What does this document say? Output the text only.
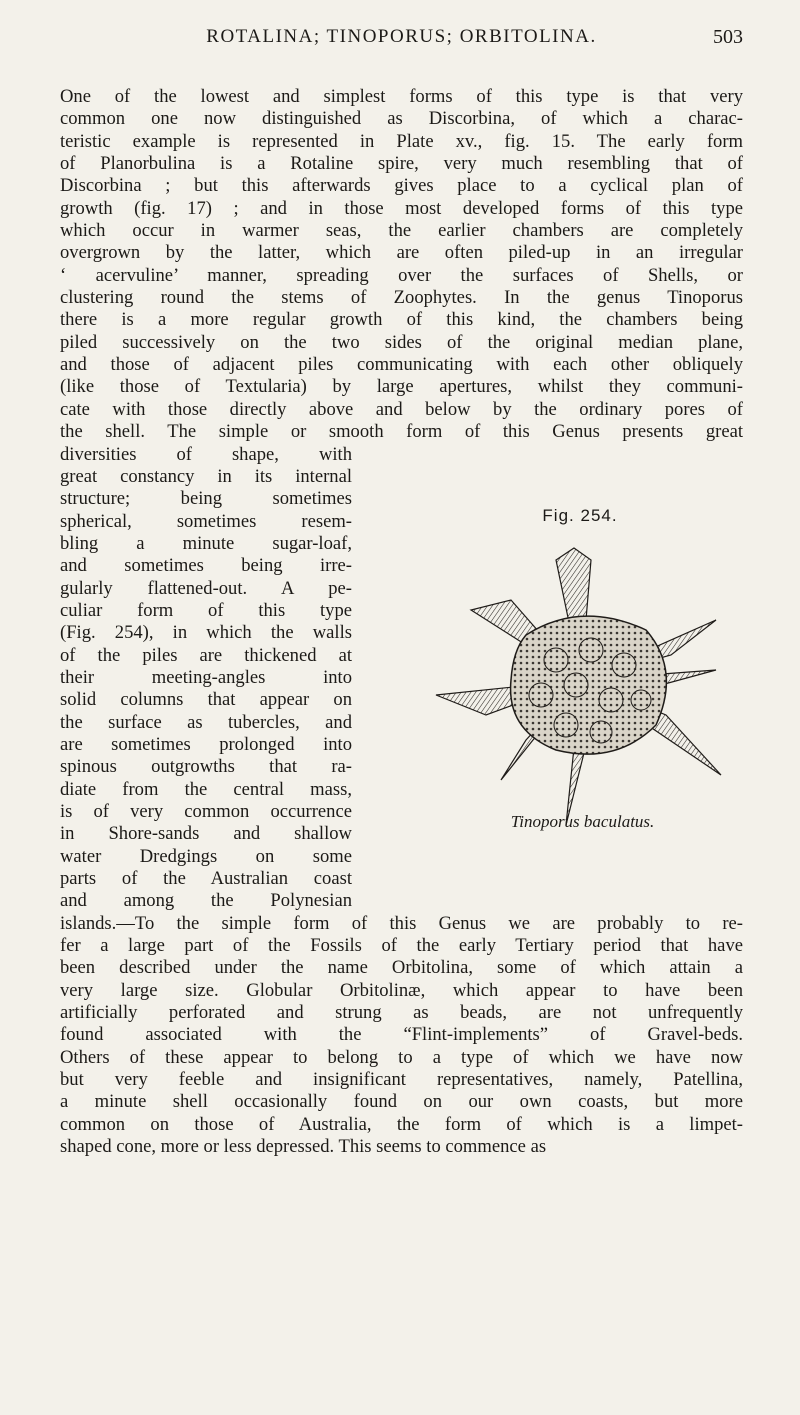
ROTALINA; TINOPORUS; ORBITOLINA.	503
One of the lowest and simplest forms of this type is that very
common one now distinguished as Discorbina, of which a charac-
teristic example is represented in Plate xv., fig. 15. The early form
of Planorbulina is a Rotaline spire, very much resembling that of
Discorbina ; but this afterwards gives place to a cyclical plan of
growth (fig. 17) ; and in those most developed forms of this type
which occur in warmer seas, the earlier chambers are completely
overgrown by the latter, which are often piled-up in an irregular
‘ acervuline’ manner, spreading over the surfaces of Shells, or
clustering round the stems of Zoophytes. In the genus Tinoporus
there is a more regular growth of this kind, the chambers being
piled successively on the two sides of the original median plane,
and those of adjacent piles communicating with each other obliquely
(like those of Textularia) by large apertures, whilst they communi-
cate with those directly above and below by the ordinary pores of
the shell. The simple or smooth form of this Genus presents great
diversities of shape, with
great constancy in its internal
structure; being sometimes
spherical, sometimes resem-
bling a minute sugar-loaf,
and sometimes being irre-
gularly flattened-out. A pe-
culiar form of this type
(Fig. 254), in which the walls
of the piles are thickened at
their meeting-angles into
solid columns that appear on
the surface as tubercles, and
are sometimes prolonged into
spinous outgrowths that ra-
diate from the central mass,
is of very common occurrence
in Shore-sands and shallow
water Dredgings on some
parts of the Australian coast
and among the Polynesian
islands.—To the simple form of this Genus we are probably to re-
fer a large part of the Fossils of the early Tertiary period that have
been described under the name Orbitolina, some of which attain a
very large size. Globular Orbitolinæ, which appear to have been
artificially perforated and strung as beads, are not unfrequently
found associated with the “Flint-implements” of Gravel-beds.
Others of these appear to belong to a type of which we have now
but very feeble and insignificant representatives, namely, Patellina,
a minute shell occasionally found on our own coasts, but more
common on those of Australia, the form of which is a limpet-
shaped cone, more or less depressed. This seems to commence as
Fig. 254.
Tinoporus baculatus.
